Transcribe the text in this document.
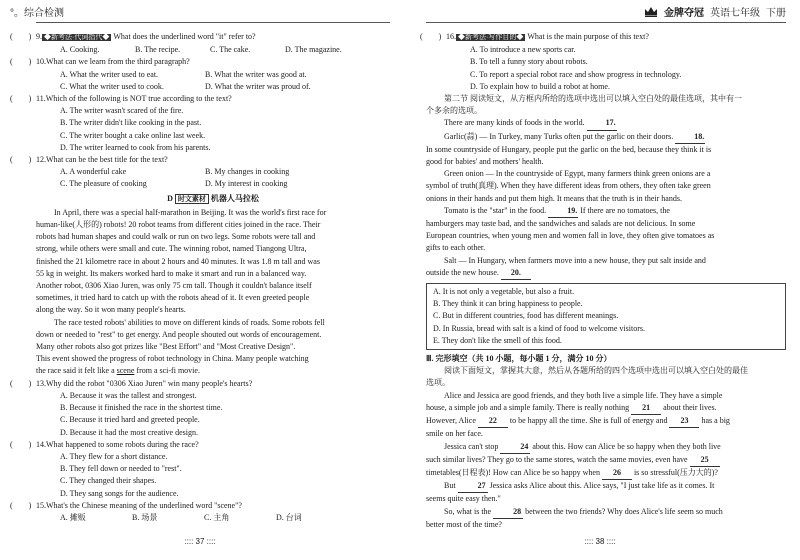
°。综合检测
(　　) 9. ◆新考法·代词指代◆ What does the underlined word "it" refer to?
A. Cooking.	B. The recipe.	C. The cake.	D. The magazine.
(　　) 10.What can we learn from the third paragraph?
A. What the writer used to eat.	B. What the writer was good at.
C. What the writer used to cook.	D. What the writer was proud of.
(　　) 11.Which of the following is NOT true according to the text?
A. The writer wasn't scared of the fire.
B. The writer didn't like cooking in the past.
C. The writer bought a cake online last week.
D. The writer learned to cook from his parents.
(　　) 12.What can be the best title for the text?
A. A wonderful cake	B. My changes in cooking
C. The pleasure of cooking	D. My interest in cooking
D 时文素材 机器人马拉松
In April, there was a special half-marathon in Beijing. It was the world's first race for
human-like(人形的) robots! 20 robot teams from different cities joined in the race. Their
robots had human shapes and could walk or run on two legs. Some robots were tall and
strong, while others were small and cute. The winning robot, named Tiangong Ultra,
finished the 21 kilometre race in about 2 hours and 40 minutes. It was 1.8 m tall and was
55 kg in weight. Its makers worked hard to make it smart and run in a balanced way.
Another robot, 0306 Xiao Juren, was only 75 cm tall. Though it couldn't balance itself
sometimes, it tried hard to catch up with the robots ahead of it. It even greeted people
along the way. So it won many people's hearts.
The race tested robots' abilities to move on different kinds of roads. Some robots fell
down or needed to "rest" to get energy. And people shouted out words of encouragement.
Many other robots also got prizes like "Best Effort" and "Most Creative Design".
This event showed the progress of robot technology in China. Many people watching
the race said it felt like a scene from a sci-fi movie.
(　　) 13.Why did the robot "0306 Xiao Juren" win many people's hearts?
A. Because it was the tallest and strongest.
B. Because it finished the race in the shortest time.
C. Because it tried hard and greeted people.
D. Because it had the most creative design.
(　　) 14.What happened to some robots during the race?
A. They flew for a short distance.
B. They fell down or needed to "rest".
C. They changed their shapes.
D. They sang songs for the audience.
(　　) 15.What's the Chinese meaning of the underlined word "scene"?
A. 摊贩	B. 场景	C. 主角	D. 台词
:::: 37 ::::
金牌夺冠 英语七年级 下册
(　　) 16. ◆新考法·写作目的◆ What is the main purpose of this text?
A. To introduce a new sports car.
B. To tell a funny story about robots.
C. To report a special robot race and show progress in technology.
D. To explain how to build a robot at home.
第二节 阅读短文，从方框内所给的选项中选出可以填入空白处的最佳选项，其中有一
个多余的选项。
There are many kinds of foods in the world.	17.
Garlic(蒜) — In Turkey, many Turks often put the garlic on their doors.	18.
In some countryside of Hungary, people put the garlic on the bed, because they think it is
good for babies' and mothers' health.
Green onion — In the countryside of Egypt, many farmers think green onions are a
symbol of truth(真理). When they have different ideas from others, they often take green
onions in their hands and put them high. It means that the truth is in their hands.
Tomato is the "star" in the food.	19. If there are no tomatoes, the
hamburgers may taste bad, and the sandwiches and salads are not delicious. In some
European countries, when young men and women fall in love, they often give tomatoes as
gifts to each other.
Salt — In Hungary, when farmers move into a new house, they put salt inside and
outside the new house. 20.
A. It is not only a vegetable, but also a fruit.
B. They think it can bring happiness to people.
C. But in different countries, food has different meanings.
D. In Russia, bread with salt is a kind of food to welcome visitors.
E. They don't like the smell of this food.
Ⅲ. 完形填空（共 10 小题，每小题 1 分，满分 10 分）
阅读下面短文，掌握其大意，然后从各题所给的四个选项中选出可以填入空白处的最佳
选项。
Alice and Jessica are good friends, and they both live a simple life. They have a simple
house, a simple job and a simple family. There is really nothing 21 about their lives.
However, Alice 22 to be happy all the time. She is full of energy and 23 has a big
smile on her face.
Jessica can't stop	24 about this. How can Alice be so happy when they both live
such similar lives? They go to the same stores, watch the same movies, even have 25
timetables(日程表)! How can Alice be so happy when 26 is so stressful(压力大的)?
But	27 Jessica asks Alice about this. Alice says, "I just take life as it comes. It
seems quite easy then."
So, what is the	28 between the two friends? Why does Alice's life seem so much
better most of the time?
:::: 38 ::::
